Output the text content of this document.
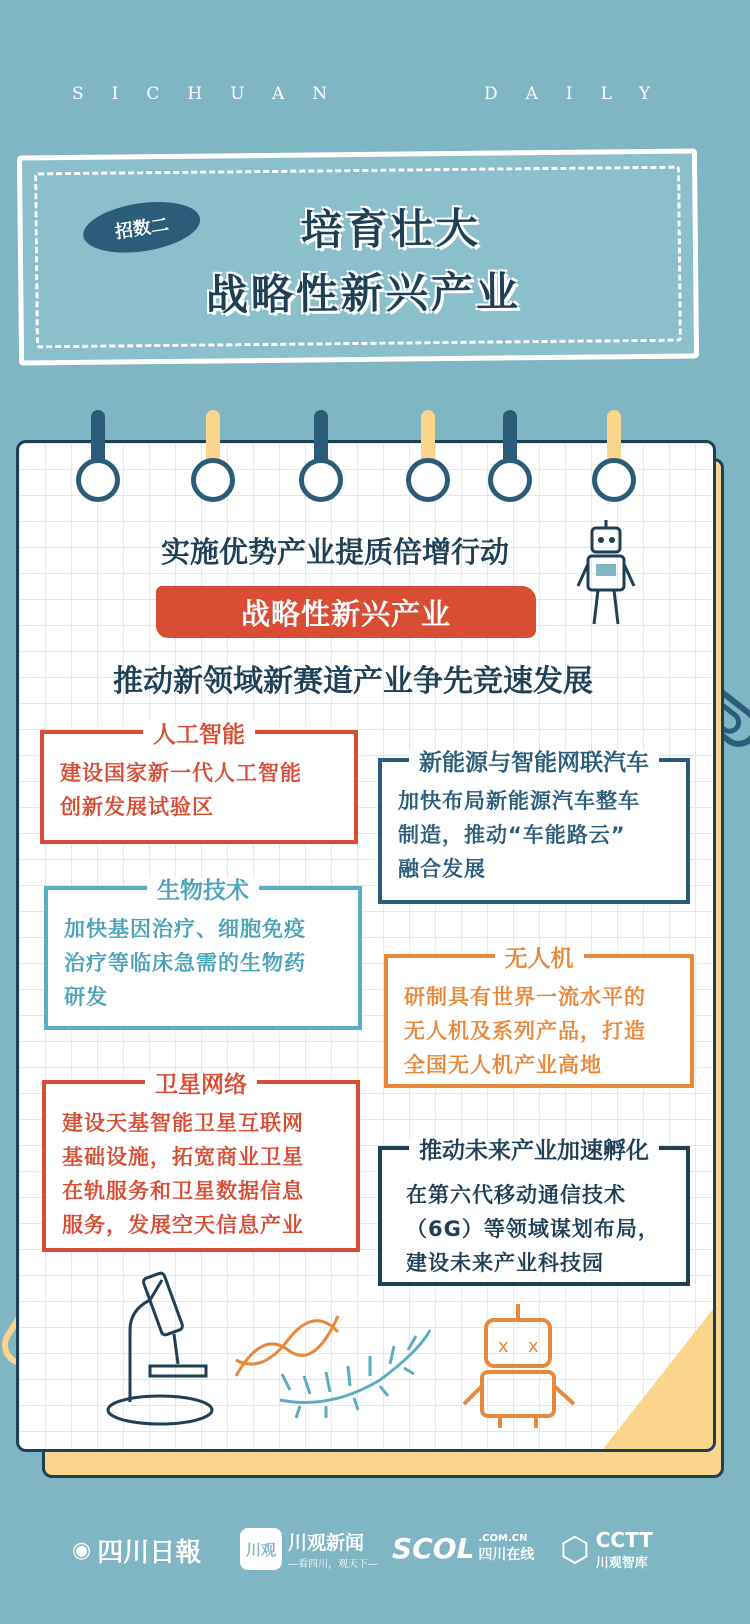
SICHUAN	DAILY
招数二	培育壮大
战略性新兴产业
实施优势产业提质倍增行动
战略性新兴产业
推动新领域新赛道产业争先竞速发展
人工智能
建设国家新一代人工智能
创新发展试验区
生物技术
加快基因治疗、细胞免疫
治疗等临床急需的生物药
研发
卫星网络
建设天基智能卫星互联网
基础设施，拓宽商业卫星
在轨服务和卫星数据信息
服务，发展空天信息产业
新能源与智能网联汽车
加快布局新能源汽车整车
制造，推动“车能路云”
融合发展
无人机
研制具有世界一流水平的
无人机及系列产品，打造
全国无人机产业高地
推动未来产业加速孵化
在第六代移动通信技术
（6G）等领域谋划布局，
建设未来产业科技园
x x
◉ 四川日報	川观 川观新闻
—看四川，观天下— SCOL .COM.CN
四川在线 ⬡ CCTT
川观智库
